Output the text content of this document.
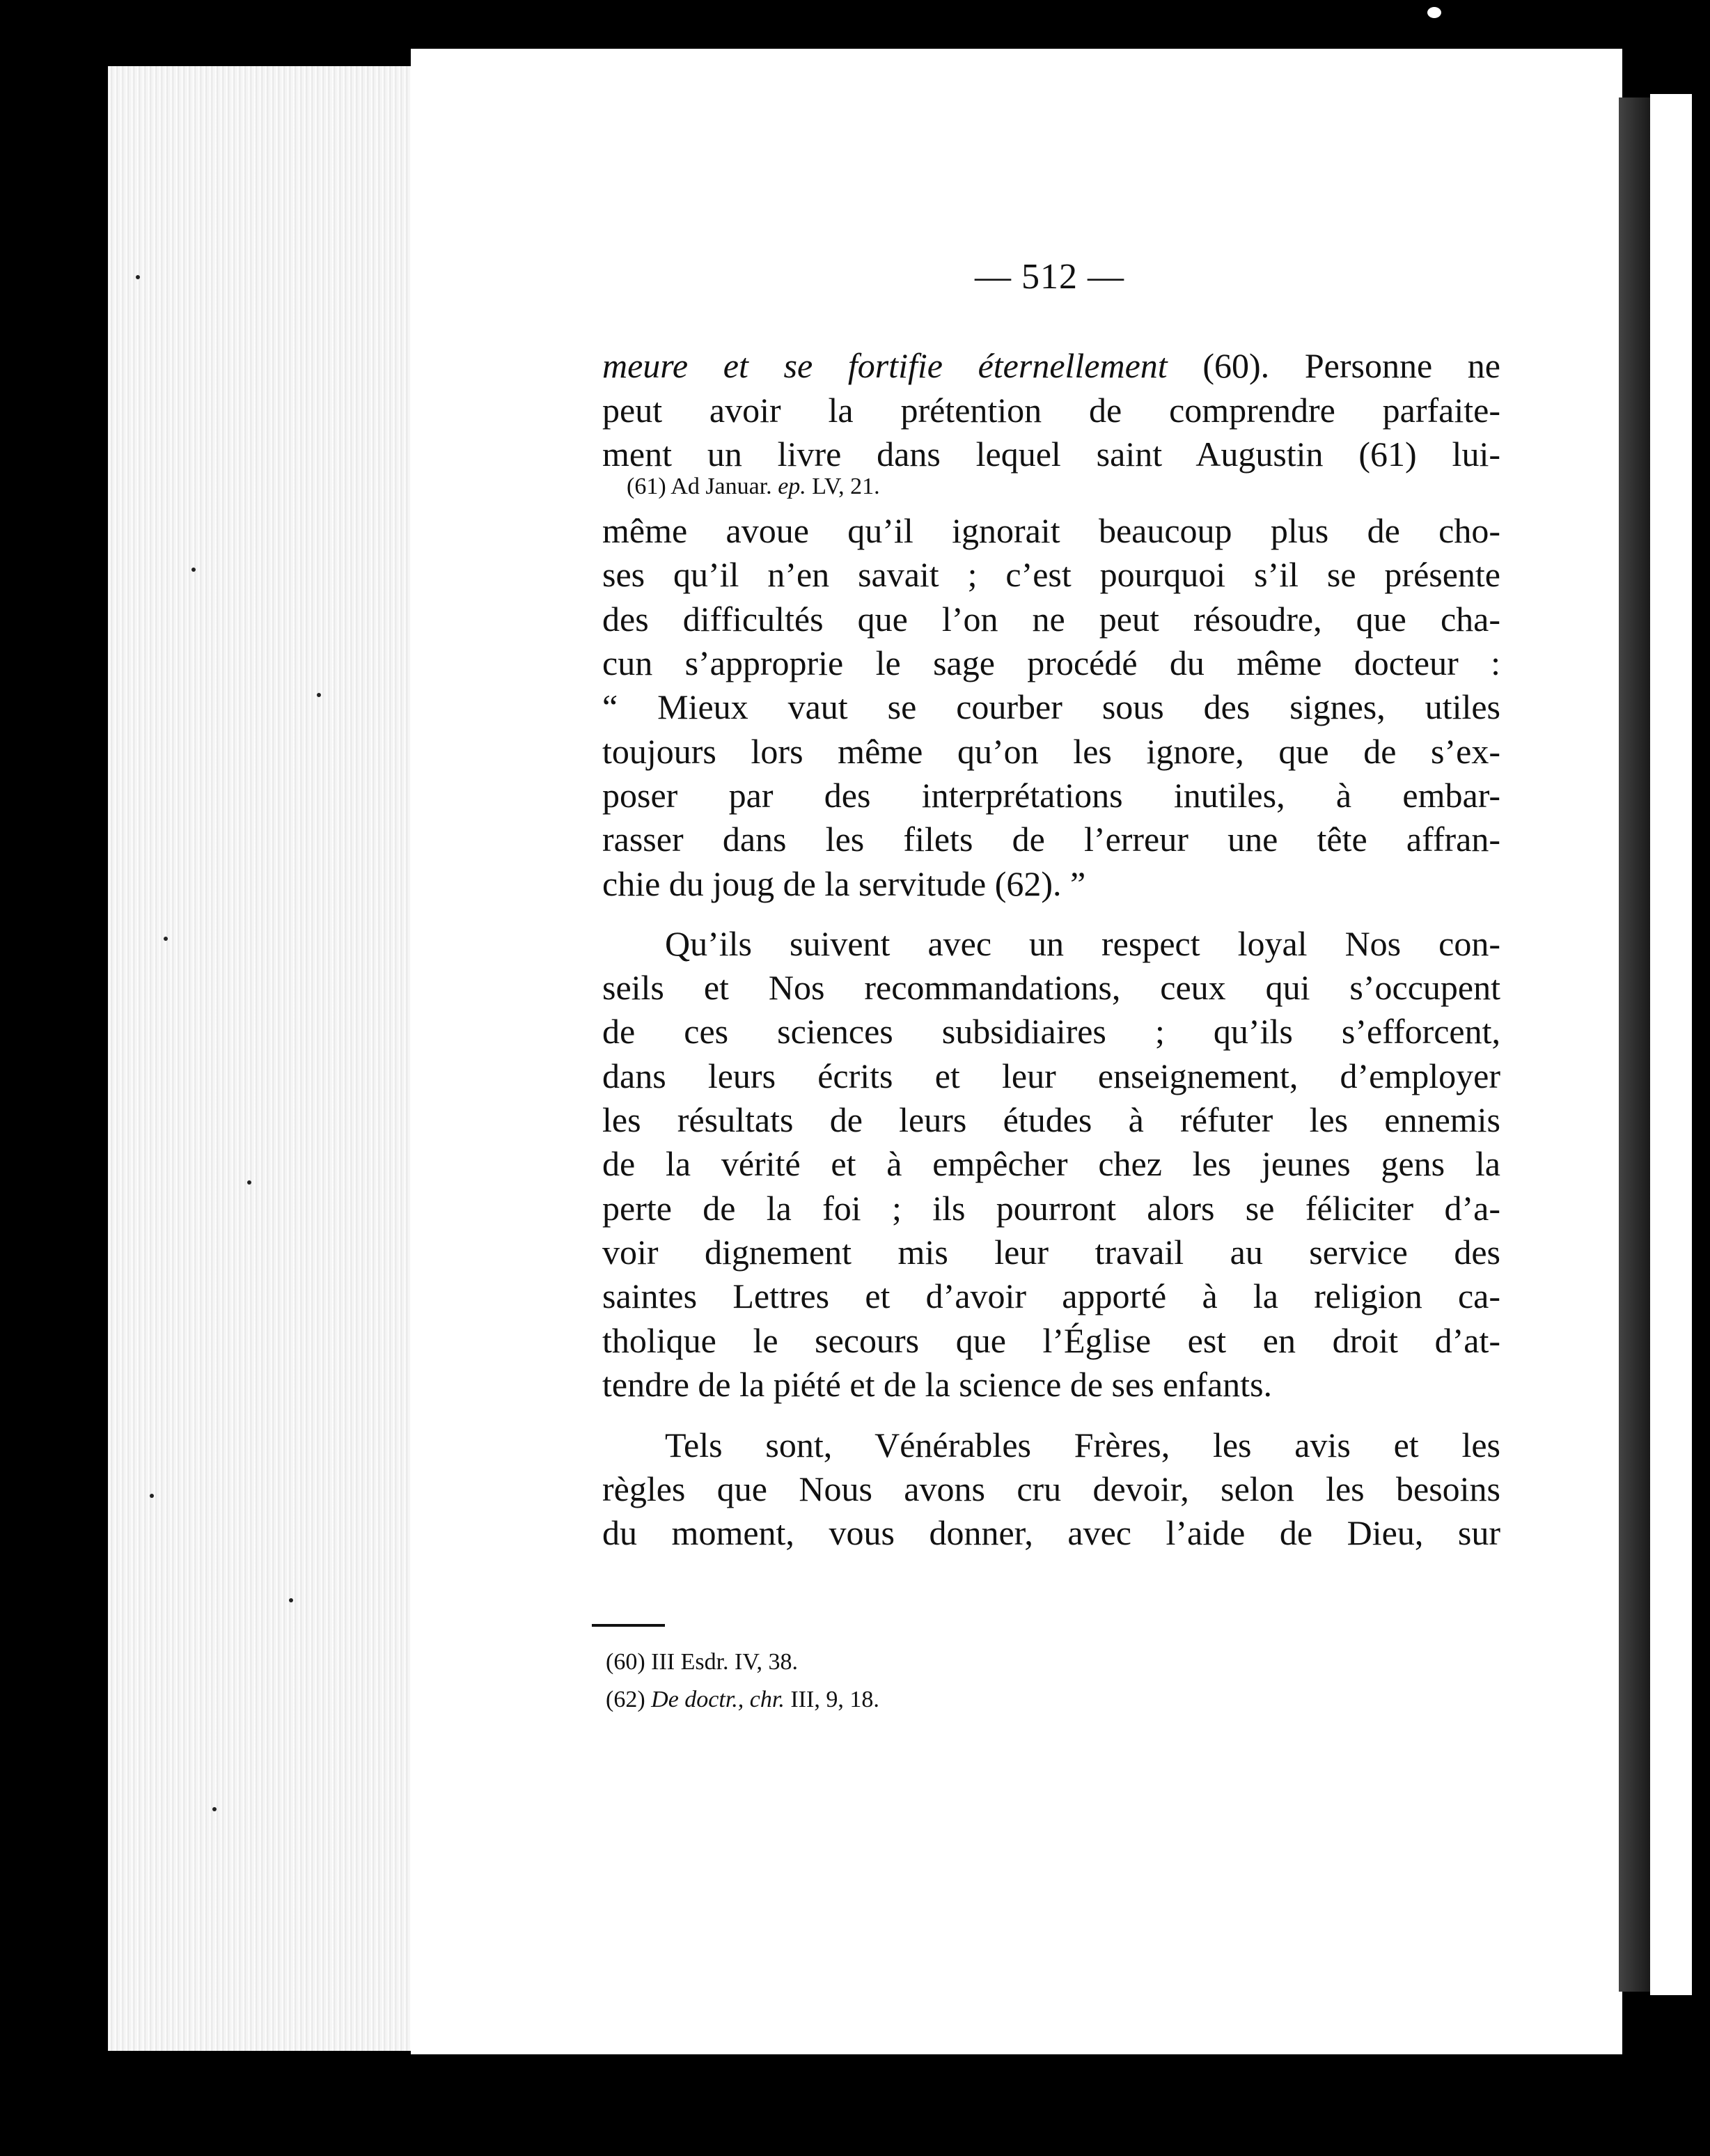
— 512 —
meure et se fortifie éternellement (60). Personne ne
peut avoir la prétention de comprendre parfaite-
ment un livre dans lequel saint Augustin (61) lui-
(61) Ad Januar. ep. LV, 21.
même avoue qu’il ignorait beaucoup plus de cho-
ses qu’il n’en savait ; c’est pourquoi s’il se présente
des difficultés que l’on ne peut résoudre, que cha-
cun s’approprie le sage procédé du même docteur :
“ Mieux vaut se courber sous des signes, utiles
toujours lors même qu’on les ignore, que de s’ex-
poser par des interprétations inutiles, à embar-
rasser dans les filets de l’erreur une tête affran-
chie du joug de la servitude (62). ”
Qu’ils suivent avec un respect loyal Nos con-
seils et Nos recommandations, ceux qui s’occupent
de ces sciences subsidiaires ; qu’ils s’efforcent,
dans leurs écrits et leur enseignement, d’employer
les résultats de leurs études à réfuter les ennemis
de la vérité et à empêcher chez les jeunes gens la
perte de la foi ; ils pourront alors se féliciter d’a-
voir dignement mis leur travail au service des
saintes Lettres et d’avoir apporté à la religion ca-
tholique le secours que l’Église est en droit d’at-
tendre de la piété et de la science de ses enfants.
Tels sont, Vénérables Frères, les avis et les
règles que Nous avons cru devoir, selon les besoins
du moment, vous donner, avec l’aide de Dieu, sur
(60) III Esdr. IV, 38.
(62) De doctr., chr. III, 9, 18.
